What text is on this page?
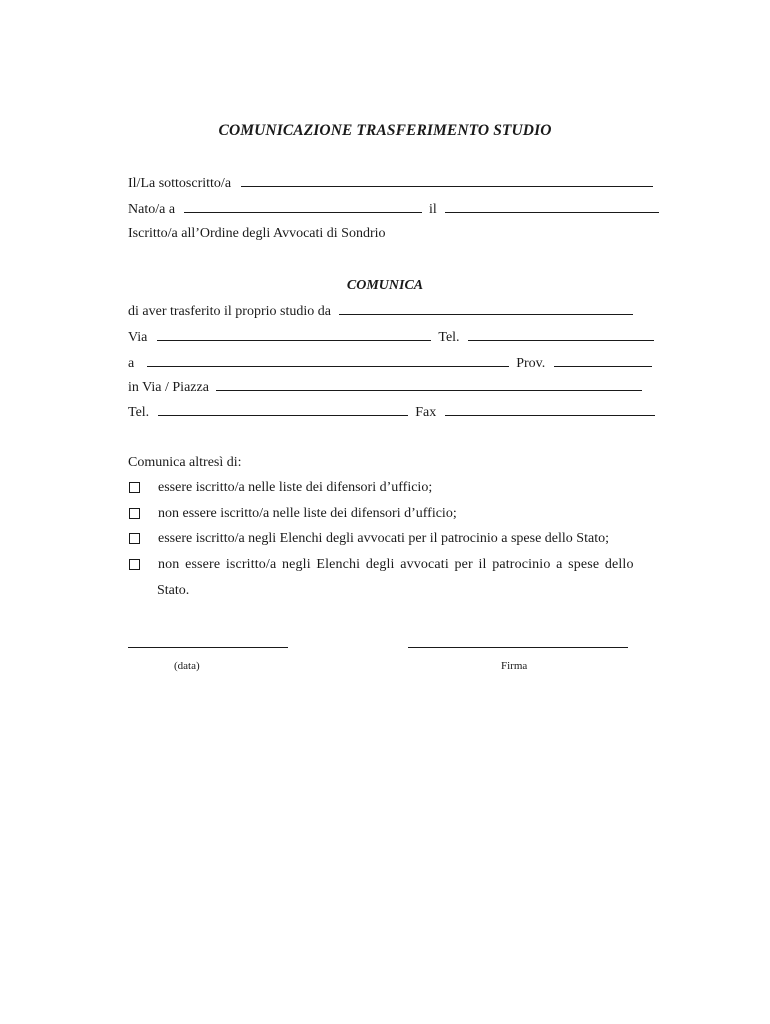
COMUNICAZIONE TRASFERIMENTO STUDIO
Il/La sottoscritto/a
Nato/a a	il
Iscritto/a all’Ordine degli Avvocati di Sondrio
COMUNICA
di aver trasferito il proprio studio da
Via	Tel.
a	Prov.
in Via / Piazza
Tel.	Fax
Comunica altresì di:
essere iscritto/a nelle liste dei difensori d’ufficio;
non essere iscritto/a nelle liste dei difensori d’ufficio;
essere iscritto/a negli Elenchi degli avvocati per il patrocinio a spese dello Stato;
non essere iscritto/a negli Elenchi degli avvocati per il patrocinio a spese dello
Stato.
(data)	Firma
